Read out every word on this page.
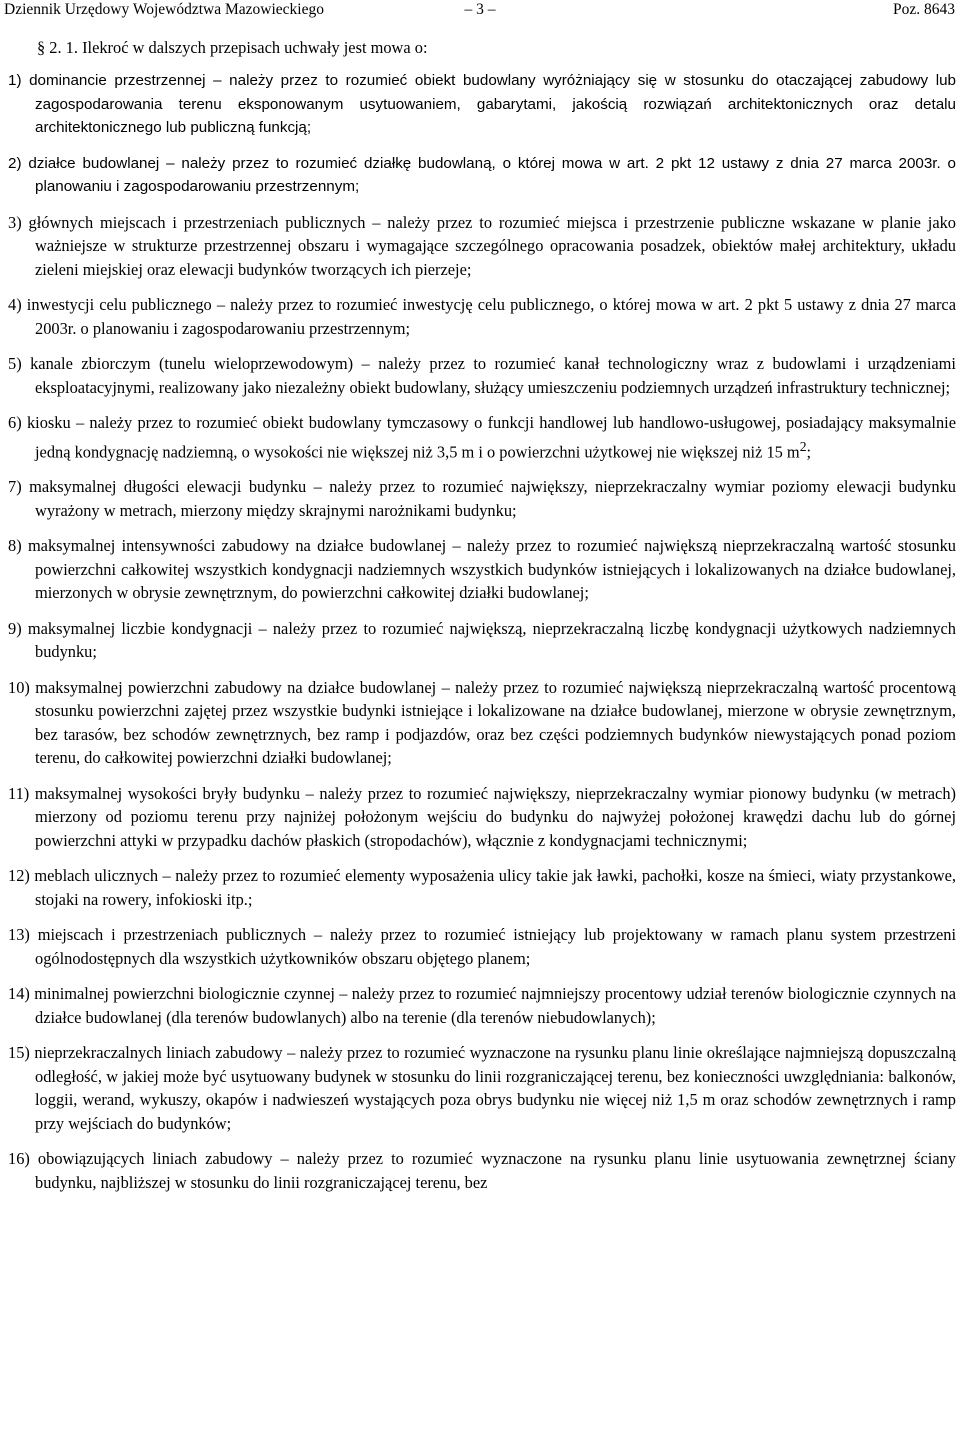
Dziennik Urzędowy Województwa Mazowieckiego	– 3 –	Poz. 8643
§ 2. 1. Ilekroć w dalszych przepisach uchwały jest mowa o:

1) dominancie przestrzennej – należy przez to rozumieć obiekt budowlany wyróżniający się w stosunku do otaczającej zabudowy lub zagospodarowania terenu eksponowanym usytuowaniem, gabarytami, jakością rozwiązań architektonicznych oraz detalu architektonicznego lub publiczną funkcją;

2) działce budowlanej – należy przez to rozumieć działkę budowlaną, o której mowa w art. 2 pkt 12 ustawy z dnia 27 marca 2003r. o planowaniu i zagospodarowaniu przestrzennym;

3) głównych miejscach i przestrzeniach publicznych – należy przez to rozumieć miejsca i przestrzenie publiczne wskazane w planie jako ważniejsze w strukturze przestrzennej obszaru i wymagające szczególnego opracowania posadzek, obiektów małej architektury, układu zieleni miejskiej oraz elewacji budynków tworzących ich pierzeje;

4) inwestycji celu publicznego – należy przez to rozumieć inwestycję celu publicznego, o której mowa w art. 2 pkt 5 ustawy z dnia 27 marca 2003r. o planowaniu i zagospodarowaniu przestrzennym;

5) kanale zbiorczym (tunelu wieloprzewodowym) – należy przez to rozumieć kanał technologiczny wraz z budowlami i urządzeniami eksploatacyjnymi, realizowany jako niezależny obiekt budowlany, służący umieszczeniu podziemnych urządzeń infrastruktury technicznej;

6) kiosku – należy przez to rozumieć obiekt budowlany tymczasowy o funkcji handlowej lub handlowo-usługowej, posiadający maksymalnie jedną kondygnację nadziemną, o wysokości nie większej niż 3,5 m i o powierzchni użytkowej nie większej niż 15 $m^2$;

7) maksymalnej długości elewacji budynku – należy przez to rozumieć największy, nieprzekraczalny wymiar poziomy elewacji budynku wyrażony w metrach, mierzony między skrajnymi narożnikami budynku;

8) maksymalnej intensywności zabudowy na działce budowlanej – należy przez to rozumieć największą nieprzekraczalną wartość stosunku powierzchni całkowitej wszystkich kondygnacji nadziemnych wszystkich budynków istniejących i lokalizowanych na działce budowlanej, mierzonych w obrysie zewnętrznym, do powierzchni całkowitej działki budowlanej;

9) maksymalnej liczbie kondygnacji – należy przez to rozumieć największą, nieprzekraczalną liczbę kondygnacji użytkowych nadziemnych budynku;

10) maksymalnej powierzchni zabudowy na działce budowlanej – należy przez to rozumieć największą nieprzekraczalną wartość procentową stosunku powierzchni zajętej przez wszystkie budynki istniejące i lokalizowane na działce budowlanej, mierzone w obrysie zewnętrznym, bez tarasów, bez schodów zewnętrznych, bez ramp i podjazdów, oraz bez części podziemnych budynków niewystających ponad poziom terenu, do całkowitej powierzchni działki budowlanej;

11) maksymalnej wysokości bryły budynku – należy przez to rozumieć największy, nieprzekraczalny wymiar pionowy budynku (w metrach) mierzony od poziomu terenu przy najniżej położonym wejściu do budynku do najwyżej położonej krawędzi dachu lub do górnej powierzchni attyki w przypadku dachów płaskich (stropodachów), włącznie z kondygnacjami technicznymi;

12) meblach ulicznych – należy przez to rozumieć elementy wyposażenia ulicy takie jak ławki, pachołki, kosze na śmieci, wiaty przystankowe, stojaki na rowery, infokioski itp.;

13) miejscach i przestrzeniach publicznych – należy przez to rozumieć istniejący lub projektowany w ramach planu system przestrzeni ogólnodostępnych dla wszystkich użytkowników obszaru objętego planem;

14) minimalnej powierzchni biologicznie czynnej – należy przez to rozumieć najmniejszy procentowy udział terenów biologicznie czynnych na działce budowlanej (dla terenów budowlanych) albo na terenie (dla terenów niebudowlanych);

15) nieprzekraczalnych liniach zabudowy – należy przez to rozumieć wyznaczone na rysunku planu linie określające najmniejszą dopuszczalną odległość, w jakiej może być usytuowany budynek w stosunku do linii rozgraniczającej terenu, bez konieczności uwzględniania: balkonów, loggii, werand, wykuszy, okapów i nadwieszeń wystających poza obrys budynku nie więcej niż 1,5 m oraz schodów zewnętrznych i ramp przy wejściach do budynków;

16) obowiązujących liniach zabudowy – należy przez to rozumieć wyznaczone na rysunku planu linie usytuowania zewnętrznej ściany budynku, najbliższej w stosunku do linii rozgraniczającej terenu, bez
